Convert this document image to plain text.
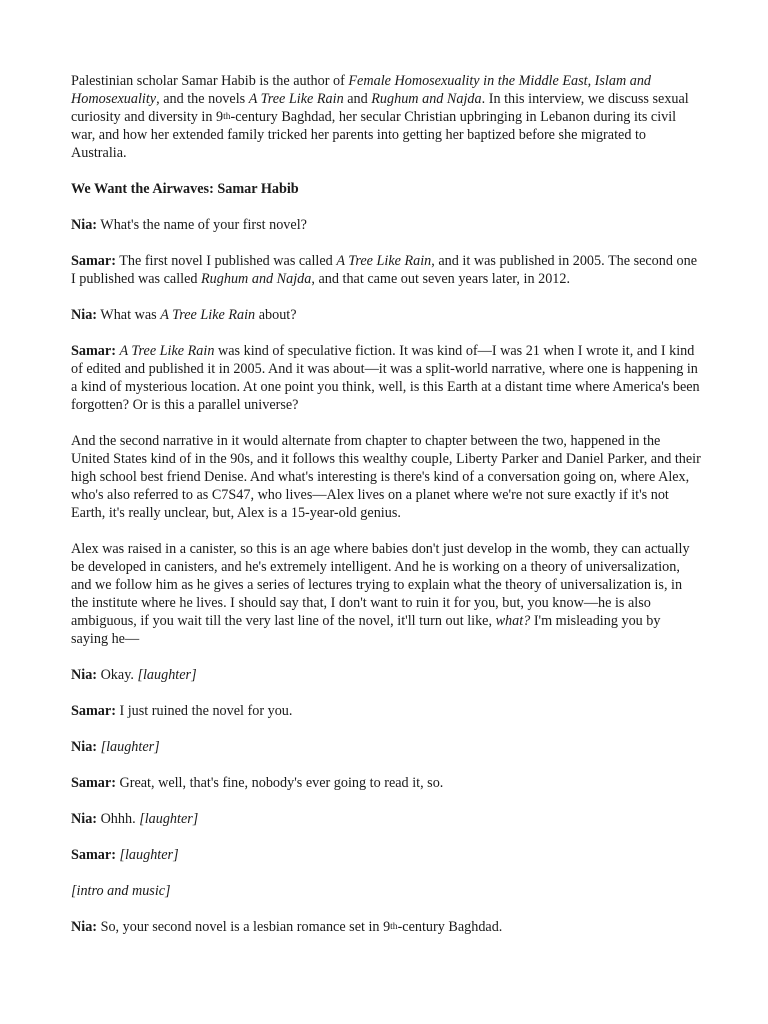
Palestinian scholar Samar Habib is the author of Female Homosexuality in the Middle East, Islam and Homosexuality, and the novels A Tree Like Rain and Rughum and Najda. In this interview, we discuss sexual curiosity and diversity in 9th-century Baghdad, her secular Christian upbringing in Lebanon during its civil war, and how her extended family tricked her parents into getting her baptized before she migrated to Australia.

We Want the Airwaves: Samar Habib

Nia: What's the name of your first novel?

Samar: The first novel I published was called A Tree Like Rain, and it was published in 2005. The second one I published was called Rughum and Najda, and that came out seven years later, in 2012.

Nia: What was A Tree Like Rain about?

Samar: A Tree Like Rain was kind of speculative fiction. It was kind of—I was 21 when I wrote it, and I kind of edited and published it in 2005. And it was about—it was a split-world narrative, where one is happening in a kind of mysterious location. At one point you think, well, is this Earth at a distant time where America's been forgotten? Or is this a parallel universe?

And the second narrative in it would alternate from chapter to chapter between the two, happened in the United States kind of in the 90s, and it follows this wealthy couple, Liberty Parker and Daniel Parker, and their high school best friend Denise. And what's interesting is there's kind of a conversation going on, where Alex, who's also referred to as C7S47, who lives—Alex lives on a planet where we're not sure exactly if it's not Earth, it's really unclear, but, Alex is a 15-year-old genius.

Alex was raised in a canister, so this is an age where babies don't just develop in the womb, they can actually be developed in canisters, and he's extremely intelligent. And he is working on a theory of universalization, and we follow him as he gives a series of lectures trying to explain what the theory of universalization is, in the institute where he lives. I should say that, I don't want to ruin it for you, but, you know—he is also ambiguous, if you wait till the very last line of the novel, it'll turn out like, what? I'm misleading you by saying he—

Nia: Okay. [laughter]

Samar: I just ruined the novel for you.

Nia: [laughter]

Samar: Great, well, that's fine, nobody's ever going to read it, so.

Nia: Ohhh. [laughter]

Samar: [laughter]

[intro and music]

Nia: So, your second novel is a lesbian romance set in 9th-century Baghdad.
